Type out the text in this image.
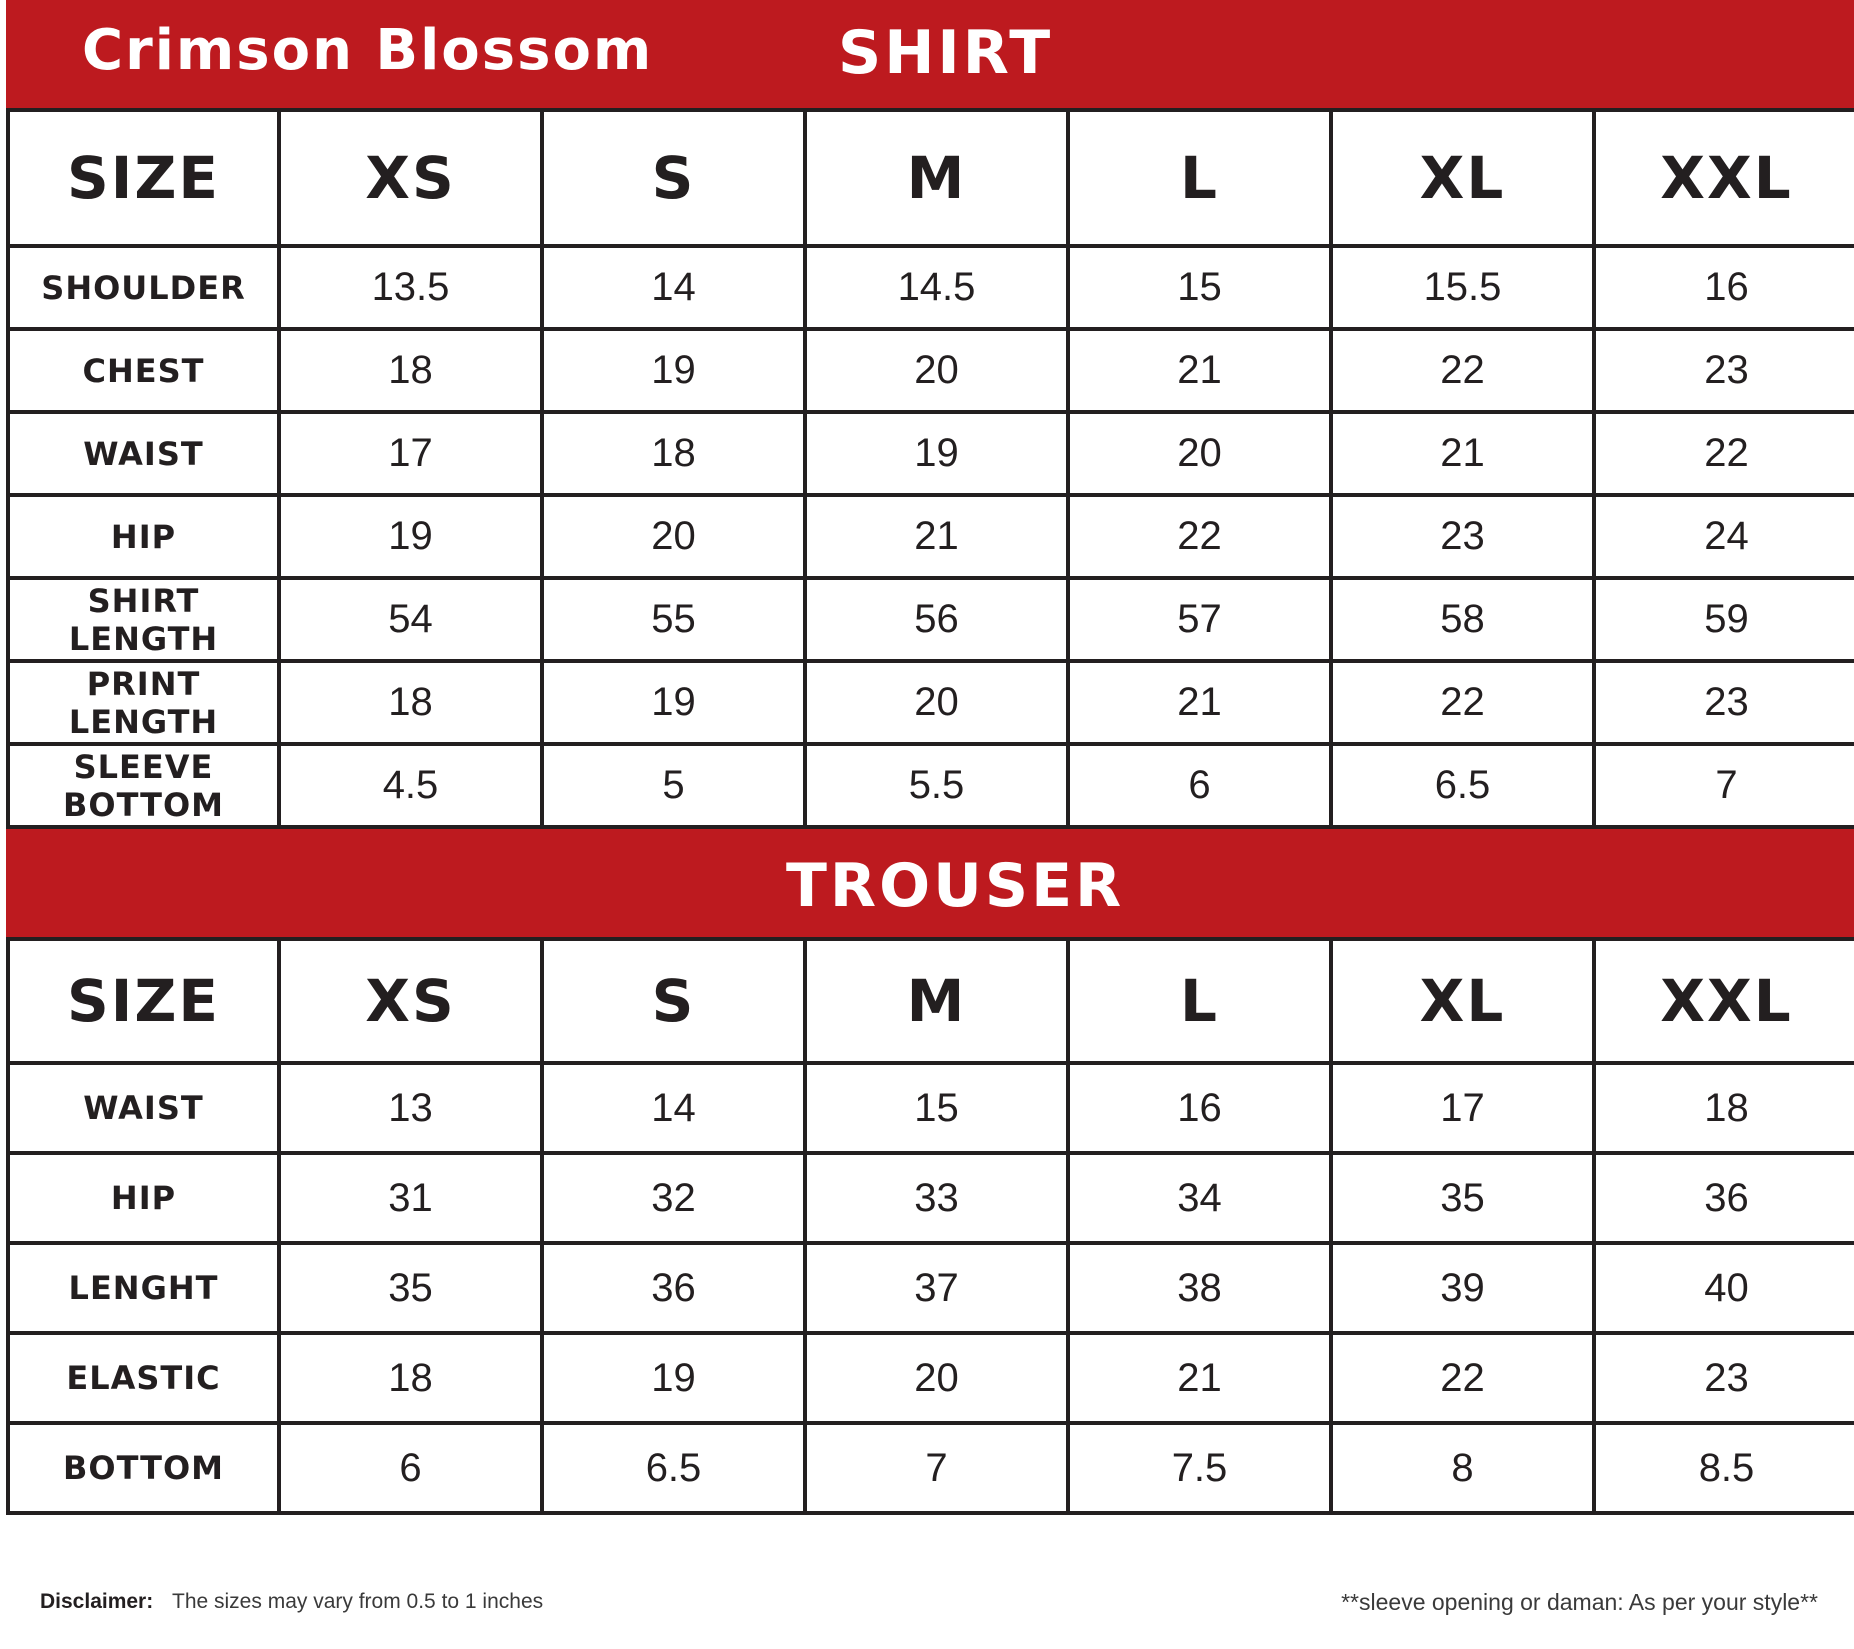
Crimson Blossom	SHIRT
SIZE	XS	S	M	L	XL	XXL
SHOULDER	13.5	14	14.5	15	15.5	16
CHEST	18	19	20	21	22	23
WAIST	17	18	19	20	21	22
HIP	19	20	21	22	23	24
SHIRT LENGTH	54	55	56	57	58	59
PRINT LENGTH	18	19	20	21	22	23
SLEEVE BOTTOM	4.5	5	5.5	6	6.5	7
TROUSER
SIZE	XS	S	M	L	XL	XXL
WAIST	13	14	15	16	17	18
HIP	31	32	33	34	35	36
LENGHT	35	36	37	38	39	40
ELASTIC	18	19	20	21	22	23
BOTTOM	6	6.5	7	7.5	8	8.5
Disclaimer: The sizes may vary from 0.5 to 1 inches	**sleeve opening or daman: As per your style**
